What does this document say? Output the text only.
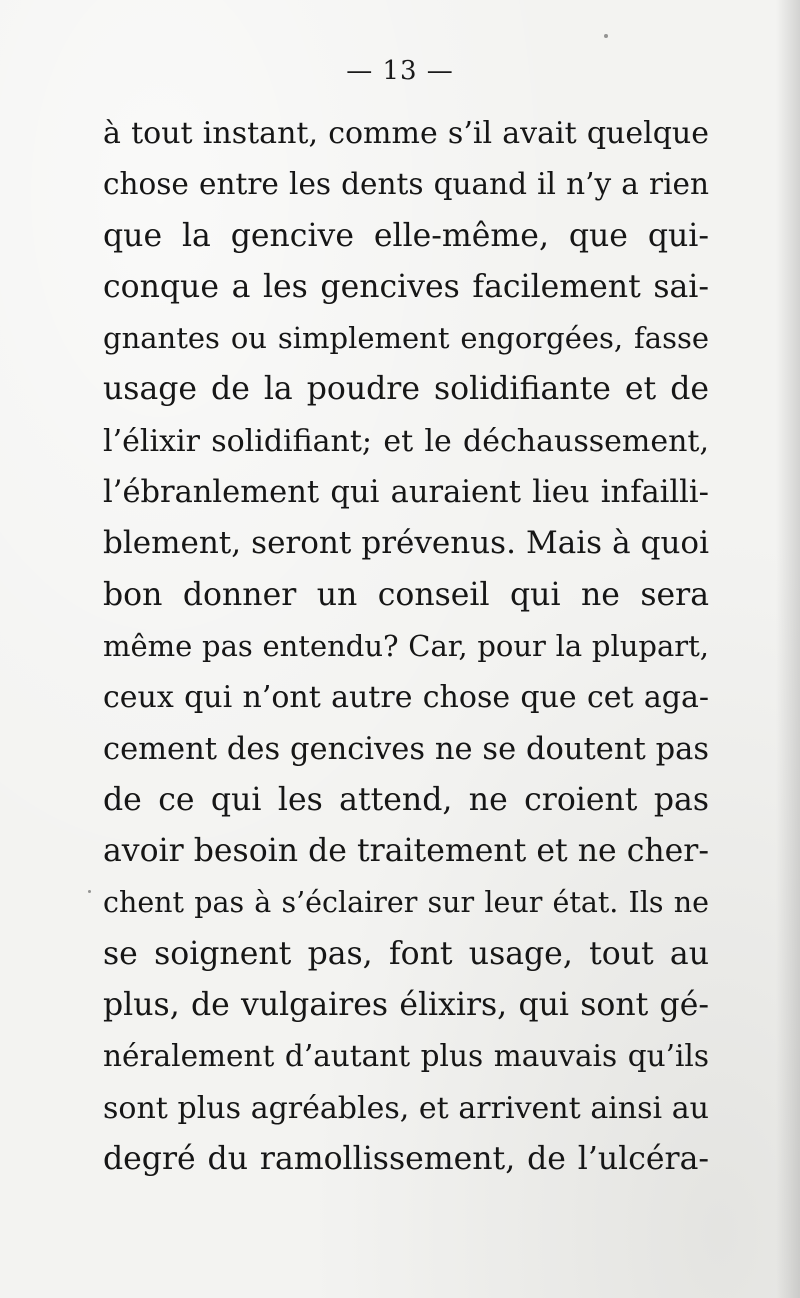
— 13 —
à tout instant, comme s’il avait quelque
chose entre les dents quand il n’y a rien
que la gencive elle-même, que qui-
conque a les gencives facilement sai-
gnantes ou simplement engorgées, fasse
usage de la poudre solidifiante et de
l’élixir solidifiant; et le déchaussement,
l’ébranlement qui auraient lieu infailli-
blement, seront prévenus. Mais à quoi
bon donner un conseil qui ne sera
même pas entendu? Car, pour la plupart,
ceux qui n’ont autre chose que cet aga-
cement des gencives ne se doutent pas
de ce qui les attend, ne croient pas
avoir besoin de traitement et ne cher-
chent pas à s’éclairer sur leur état. Ils ne
se soignent pas, font usage, tout au
plus, de vulgaires élixirs, qui sont gé-
néralement d’autant plus mauvais qu’ils
sont plus agréables, et arrivent ainsi au
degré du ramollissement, de l’ulcéra-
